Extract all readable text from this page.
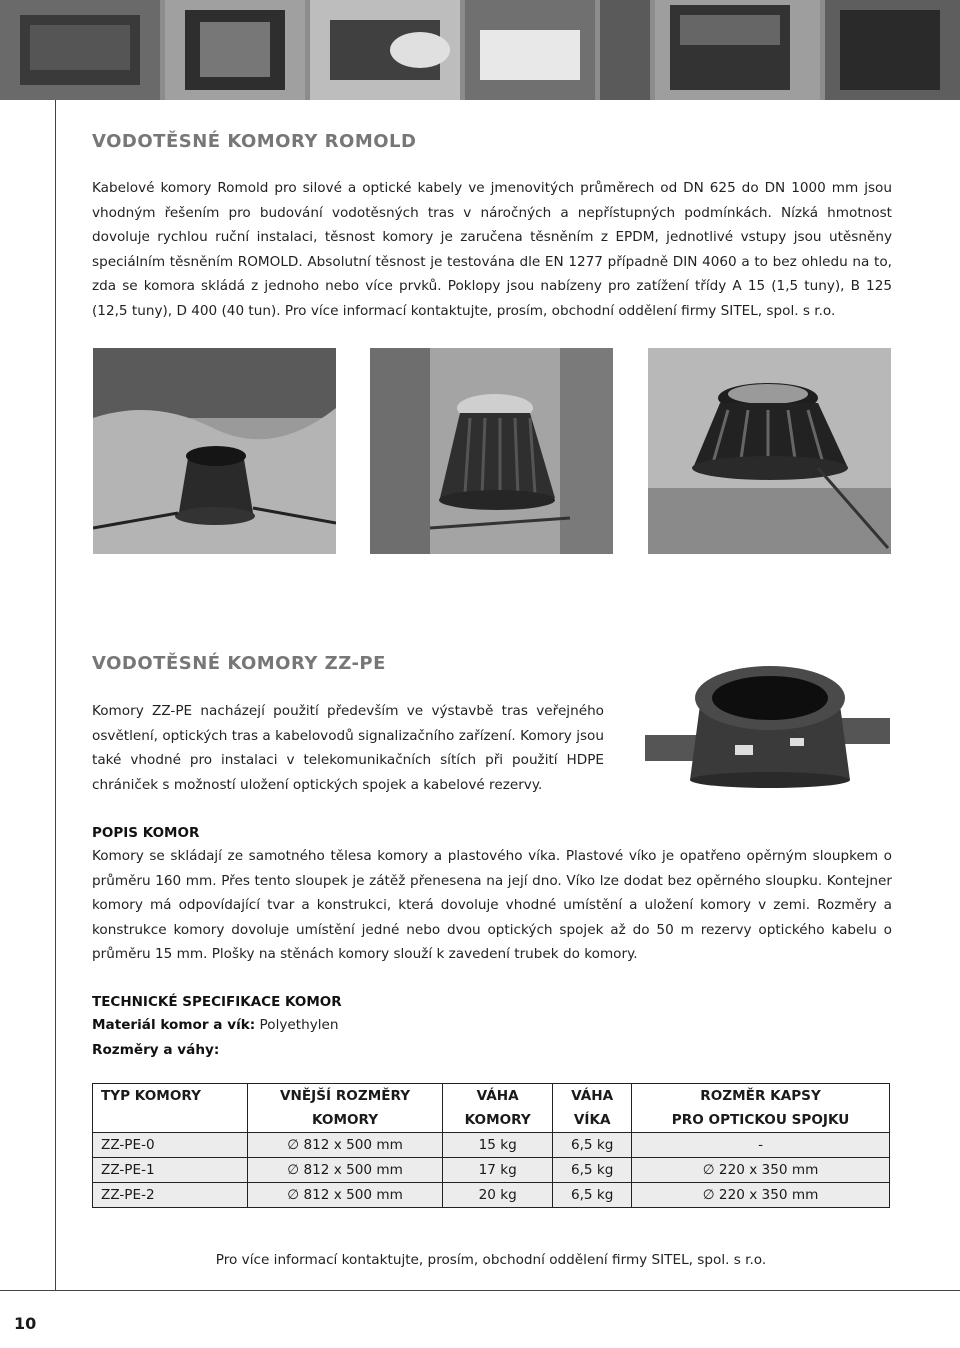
10
VODOTĚSNÉ KOMORY ROMOLD

Kabelové komory Romold pro silové a optické kabely ve jmenovitých průměrech od DN 625 do DN 1000 mm jsou vhodným řešením pro budování vodotěsných tras v náročných a nepřístupných podmínkách. Nízká hmotnost dovoluje rychlou ruční instalaci, těsnost komory je zaručena těsněním z EPDM, jednotlivé vstupy jsou utěsněny speciálním těsněním ROMOLD. Absolutní těsnost je testována dle EN 1277 případně DIN 4060 a to bez ohledu na to, zda se komora skládá z jednoho nebo více prvků. Poklopy jsou nabízeny pro zatížení třídy A 15 (1,5 tuny), B 125 (12,5 tuny), D 400 (40 tun). Pro více informací kontaktujte, prosím, obchodní oddělení firmy SITEL, spol. s r.o.

VODOTĚSNÉ KOMORY ZZ-PE

Komory ZZ-PE nacházejí použití především ve výstavbě tras veřejného osvětlení, optických tras a kabelovodů signalizačního zařízení. Komory jsou také vhodné pro instalaci v telekomunikačních sítích při použití HDPE chrániček s možností uložení optických spojek a kabelové rezervy.

POPIS KOMOR

Komory se skládají ze samotného tělesa komory a plastového víka. Plastové víko je opatřeno opěrným sloupkem o průměru 160 mm. Přes tento sloupek je zátěž přenesena na její dno. Víko lze dodat bez opěrného sloupku. Kontejner komory má odpovídající tvar a konstrukci, která dovoluje vhodné umístění a uložení komory v zemi. Rozměry a konstrukce komory dovoluje umístění jedné nebo dvou optických spojek až do 50 m rezervy optického kabelu o průměru 15 mm. Plošky na stěnách komory slouží k zavedení trubek do komory.

TECHNICKÉ SPECIFIKACE KOMOR

Materiál komor a vík: Polyethylen

Rozměry a váhy:

TYP KOMORY	VNĚJŠÍ ROZMĚRY	VÁHA	VÁHA	ROZMĚR KAPSY
	KOMORY	KOMORY	VÍKA	PRO OPTICKOU SPOJKU
ZZ-PE-0	∅ 812 x 500 mm	15 kg	6,5 kg	-
ZZ-PE-1	∅ 812 x 500 mm	17 kg	6,5 kg	∅ 220 x 350 mm
ZZ-PE-2	∅ 812 x 500 mm	20 kg	6,5 kg	∅ 220 x 350 mm
Pro více informací kontaktujte, prosím, obchodní oddělení firmy SITEL, spol. s r.o.
